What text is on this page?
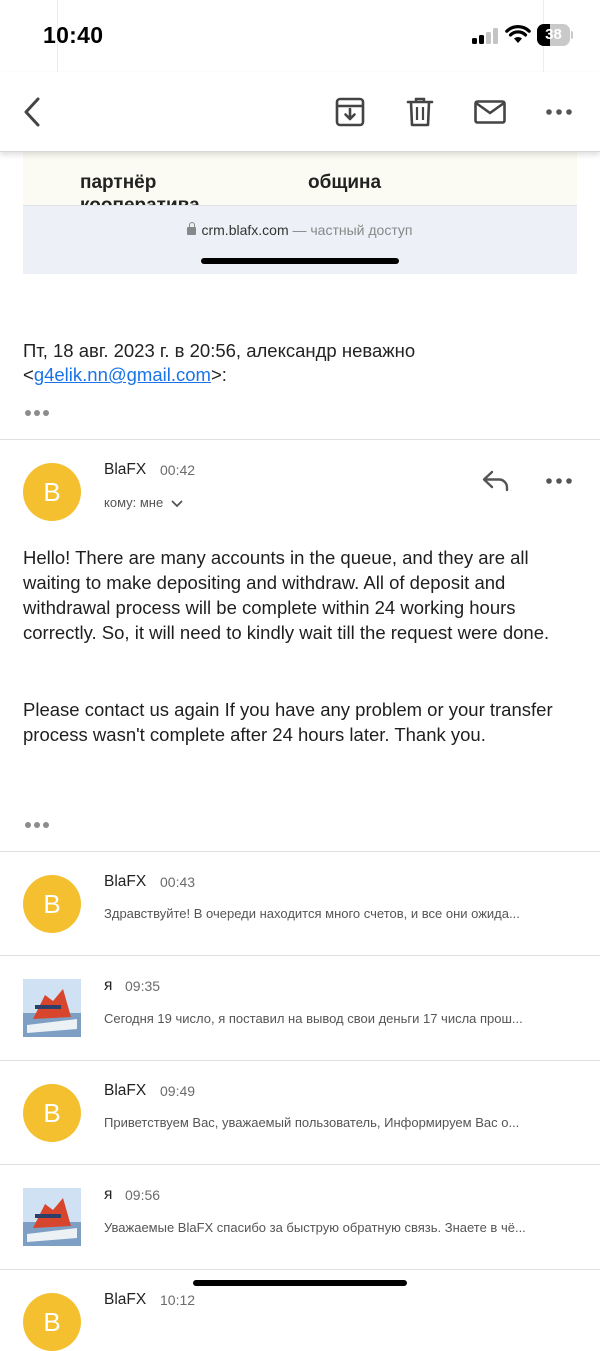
10:40	38
партнёр	община
crm.blafx.com — частный доступ
Пт, 18 авг. 2023 г. в 20:56, александр неважно <g4elik.nn@gmail.com>:
B
BlaFX 00:42
кому: мне
Hello! There are many accounts in the queue, and they are all waiting to make depositing and withdraw. All of deposit and withdrawal process will be complete within 24 working hours correctly. So, it will need to kindly wait till the request were done.
Please contact us again If you have any problem or your transfer process wasn't complete after 24 hours later. Thank you.
B
BlaFX 00:43
Здравствуйте! В очереди находится много счетов, и все они ожида...
я 09:35
Сегодня 19 число, я поставил на вывод свои деньги 17 числа прош...
B
BlaFX 09:49
Приветствуем Вас, уважаемый пользователь, Информируем Вас о...
я 09:56
Уважаемые BlaFX спасибо за быструю обратную связь. Знаете в чё...
B
BlaFX 10:12
